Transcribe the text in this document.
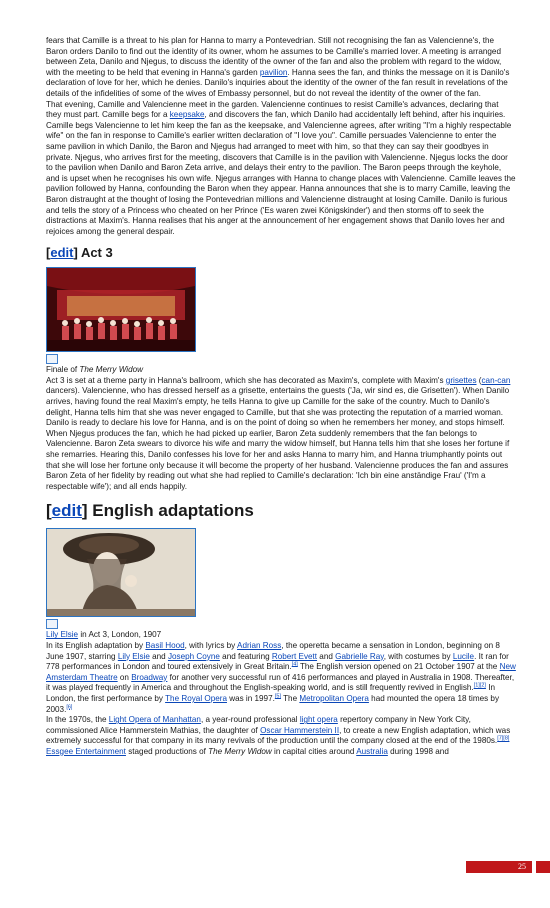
fears that Camille is a threat to his plan for Hanna to marry a Pontevedrian. Still not recognising the fan as Valencienne's, the Baron orders Danilo to find out the identity of its owner, whom he assumes to be Camille's married lover. A meeting is arranged between Zeta, Danilo and Njegus, to discuss the identity of the owner of the fan and also the problem with regard to the widow, with the meeting to be held that evening in Hanna's garden pavilion. Hanna sees the fan, and thinks the message on it is Danilo's declaration of love for her, which he denies. Danilo's inquiries about the identity of the owner of the fan result in revelations of the details of the infidelities of some of the wives of Embassy personnel, but do not reveal the identity of the owner of the fan.

That evening, Camille and Valencienne meet in the garden. Valencienne continues to resist Camille's advances, declaring that they must part. Camille begs for a keepsake, and discovers the fan, which Danilo had accidentally left behind, after his inquiries. Camille begs Valencienne to let him keep the fan as the keepsake, and Valencienne agrees, after writing "I'm a highly respectable wife" on the fan in response to Camille's earlier written declaration of "I love you". Camille persuades Valencienne to enter the same pavilion in which Danilo, the Baron and Njegus had arranged to meet with him, so that they can say their goodbyes in private. Njegus, who arrives first for the meeting, discovers that Camille is in the pavilion with Valencienne. Njegus locks the door to the pavilion when Danilo and Baron Zeta arrive, and delays their entry to the pavilion. The Baron peeps through the keyhole, and is upset when he recognises his own wife. Njegus arranges with Hanna to change places with Valencienne. Camille leaves the pavilion followed by Hanna, confounding the Baron when they appear. Hanna announces that she is to marry Camille, leaving the Baron distraught at the thought of losing the Pontevedrian millions and Valencienne distraught at losing Camille. Danilo is furious and tells the story of a Princess who cheated on her Prince ('Es waren zwei Königskinder') and then storms off to seek the distractions at Maxim's. Hanna realises that his anger at the announcement of her engagement shows that Danilo loves her and rejoices among the general despair.

[edit] Act 3

Finale of The Merry Widow

Act 3 is set at a theme party in Hanna's ballroom, which she has decorated as Maxim's, complete with Maxim's grisettes (can-can dancers). Valencienne, who has dressed herself as a grisette, entertains the guests ('Ja, wir sind es, die Grisetten'). When Danilo arrives, having found the real Maxim's empty, he tells Hanna to give up Camille for the sake of the country. Much to Danilo's delight, Hanna tells him that she was never engaged to Camille, but that she was protecting the reputation of a married woman. Danilo is ready to declare his love for Hanna, and is on the point of doing so when he remembers her money, and stops himself. When Njegus produces the fan, which he had picked up earlier, Baron Zeta suddenly remembers that the fan belongs to Valencienne. Baron Zeta swears to divorce his wife and marry the widow himself, but Hanna tells him that she loses her fortune if she remarries. Hearing this, Danilo confesses his love for her and asks Hanna to marry him, and Hanna triumphantly points out that she will lose her fortune only because it will become the property of her husband. Valencienne produces the fan and assures Baron Zeta of her fidelity by reading out what she had replied to Camille's declaration: 'Ich bin eine anständige Frau' ('I'm a respectable wife'); and all ends happily.

[edit] English adaptations

Lily Elsie in Act 3, London, 1907

In its English adaptation by Basil Hood, with lyrics by Adrian Ross, the operetta became a sensation in London, beginning on 8 June 1907, starring Lily Elsie and Joseph Coyne and featuring Robert Evett and Gabrielle Ray, with costumes by Lucile. It ran for 778 performances in London and toured extensively in Great Britain.[4] The English version opened on 21 October 1907 at the New Amsterdam Theatre on Broadway for another very successful run of 416 performances and played in Australia in 1908. Thereafter, it was played frequently in America and throughout the English-speaking world, and is still frequently revived in English.[1][2] In London, the first performance by The Royal Opera was in 1997.[5] The Metropolitan Opera had mounted the opera 18 times by 2003.[6]

In the 1970s, the Light Opera of Manhattan, a year-round professional light opera repertory company in New York City, commissioned Alice Hammerstein Mathias, the daughter of Oscar Hammerstein II, to create a new English adaptation, which was extremely successful for that company in its many revivals of the production until the company closed at the end of the 1980s.[7][8]

Essgee Entertainment staged productions of The Merry Widow in capital cities around Australia during 1998 and

25
